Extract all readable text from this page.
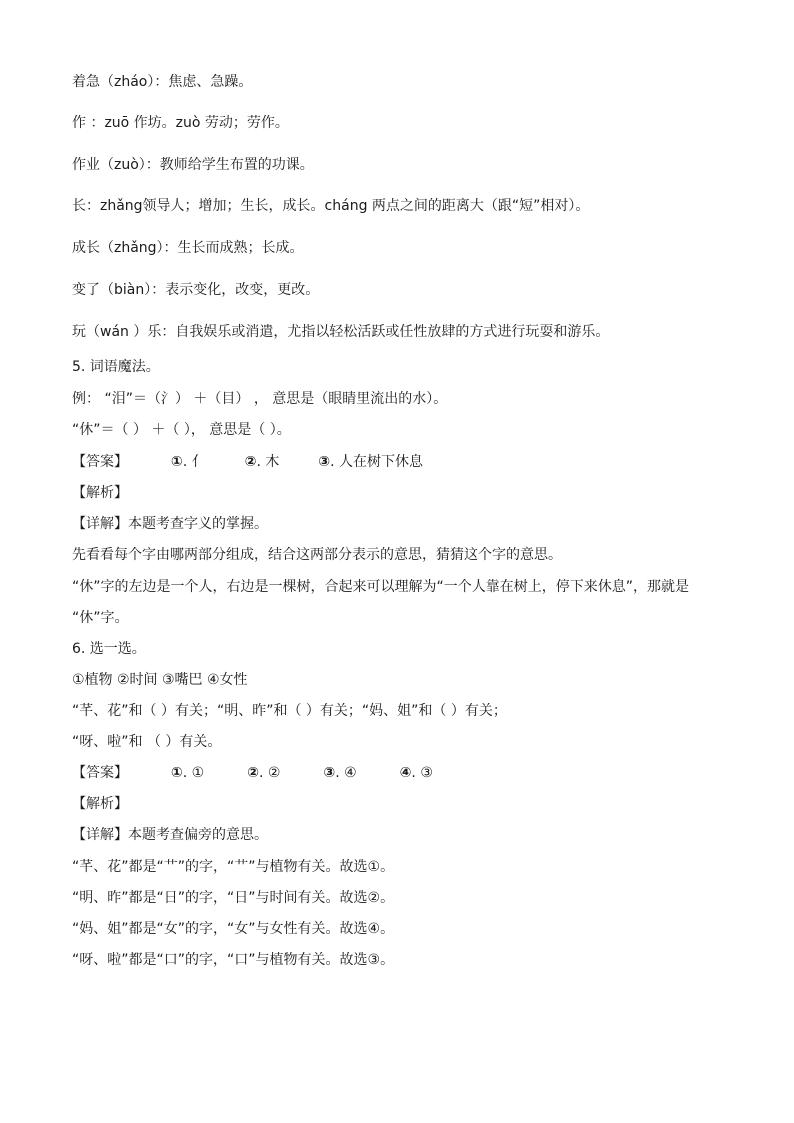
着急（zháo）：焦虑、急躁。
作 ：zuō 作坊。zuò 劳动；劳作。
作业（zuò）：教师给学生布置的功课。
长：zhǎng领导人；增加；生长，成长。cháng 两点之间的距离大（跟“短”相对）。
成长（zhǎng）：生长而成熟；长成。
变了（biàn）：表示变化，改变，更改。
玩（wán ）乐：自我娱乐或消遣，尤指以轻松活跃或任性放肆的方式进行玩耍和游乐。
5. 词语魔法。
例： “泪”＝（氵） ＋（目） ， 意思是（眼睛里流出的水）。
“休”＝（ ） ＋（ ）， 意思是（ ）。
【答案】	①. 亻	②. 木	③. 人在树下休息
【解析】
【详解】本题考查字义的掌握。
先看看每个字由哪两部分组成，结合这两部分表示的意思，猜猜这个字的意思。
“休”字的左边是一个人，右边是一棵树，合起来可以理解为“一个人靠在树上，停下来休息”，那就是
“休”字。
6. 选一选。
①植物 ②时间 ③嘴巴 ④女性
“芊、花”和（ ）有关；“明、昨”和（ ）有关；“妈、姐”和（ ）有关；
“呀、啦”和 （ ）有关。
【答案】	①. ①	②. ②	③. ④	④. ③
【解析】
【详解】本题考查偏旁的意思。
“芊、花”都是“艹”的字，“艹”与植物有关。故选①。
“明、昨”都是“日”的字，“日”与时间有关。故选②。
“妈、姐”都是“女”的字，“女”与女性有关。故选④。
“呀、啦”都是“口”的字，“口”与植物有关。故选③。
